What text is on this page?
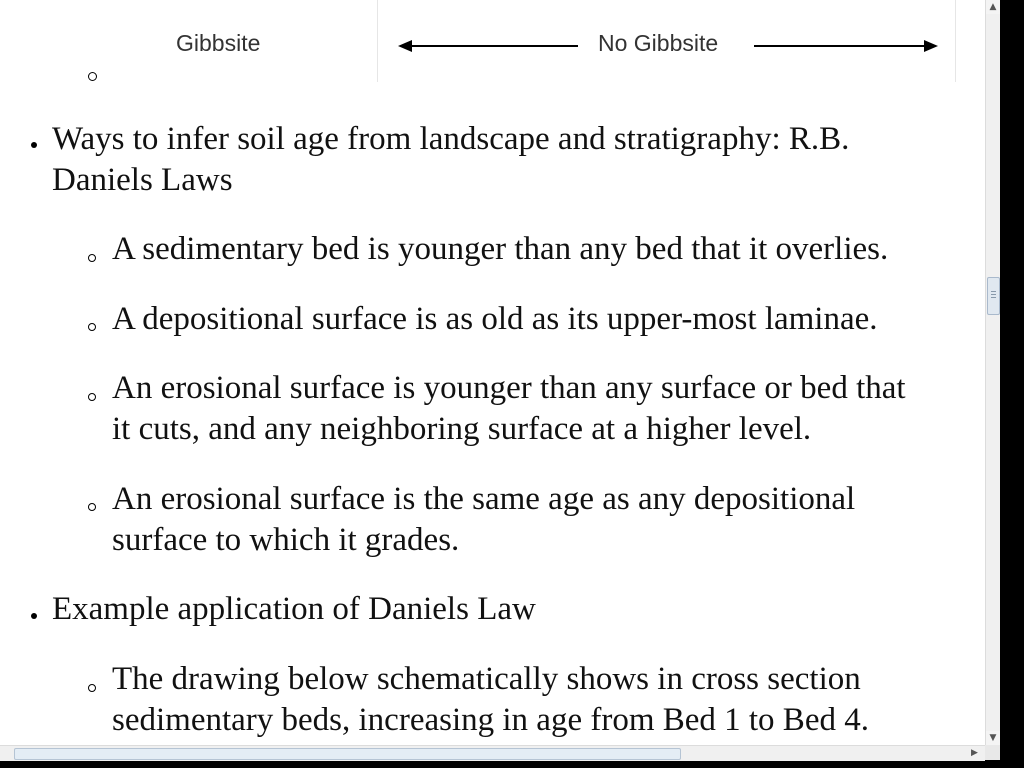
Gibbsite	No Gibbsite
Ways to infer soil age from landscape and stratigraphy: R.B.
Daniels Laws
A sedimentary bed is younger than any bed that it overlies.
A depositional surface is as old as its upper-most laminae.
An erosional surface is younger than any surface or bed that
it cuts, and any neighboring surface at a higher level.
An erosional surface is the same age as any depositional
surface to which it grades.
Example application of Daniels Law
The drawing below schematically shows in cross section
sedimentary beds, increasing in age from Bed 1 to Bed 4.
▲
▼
▶
